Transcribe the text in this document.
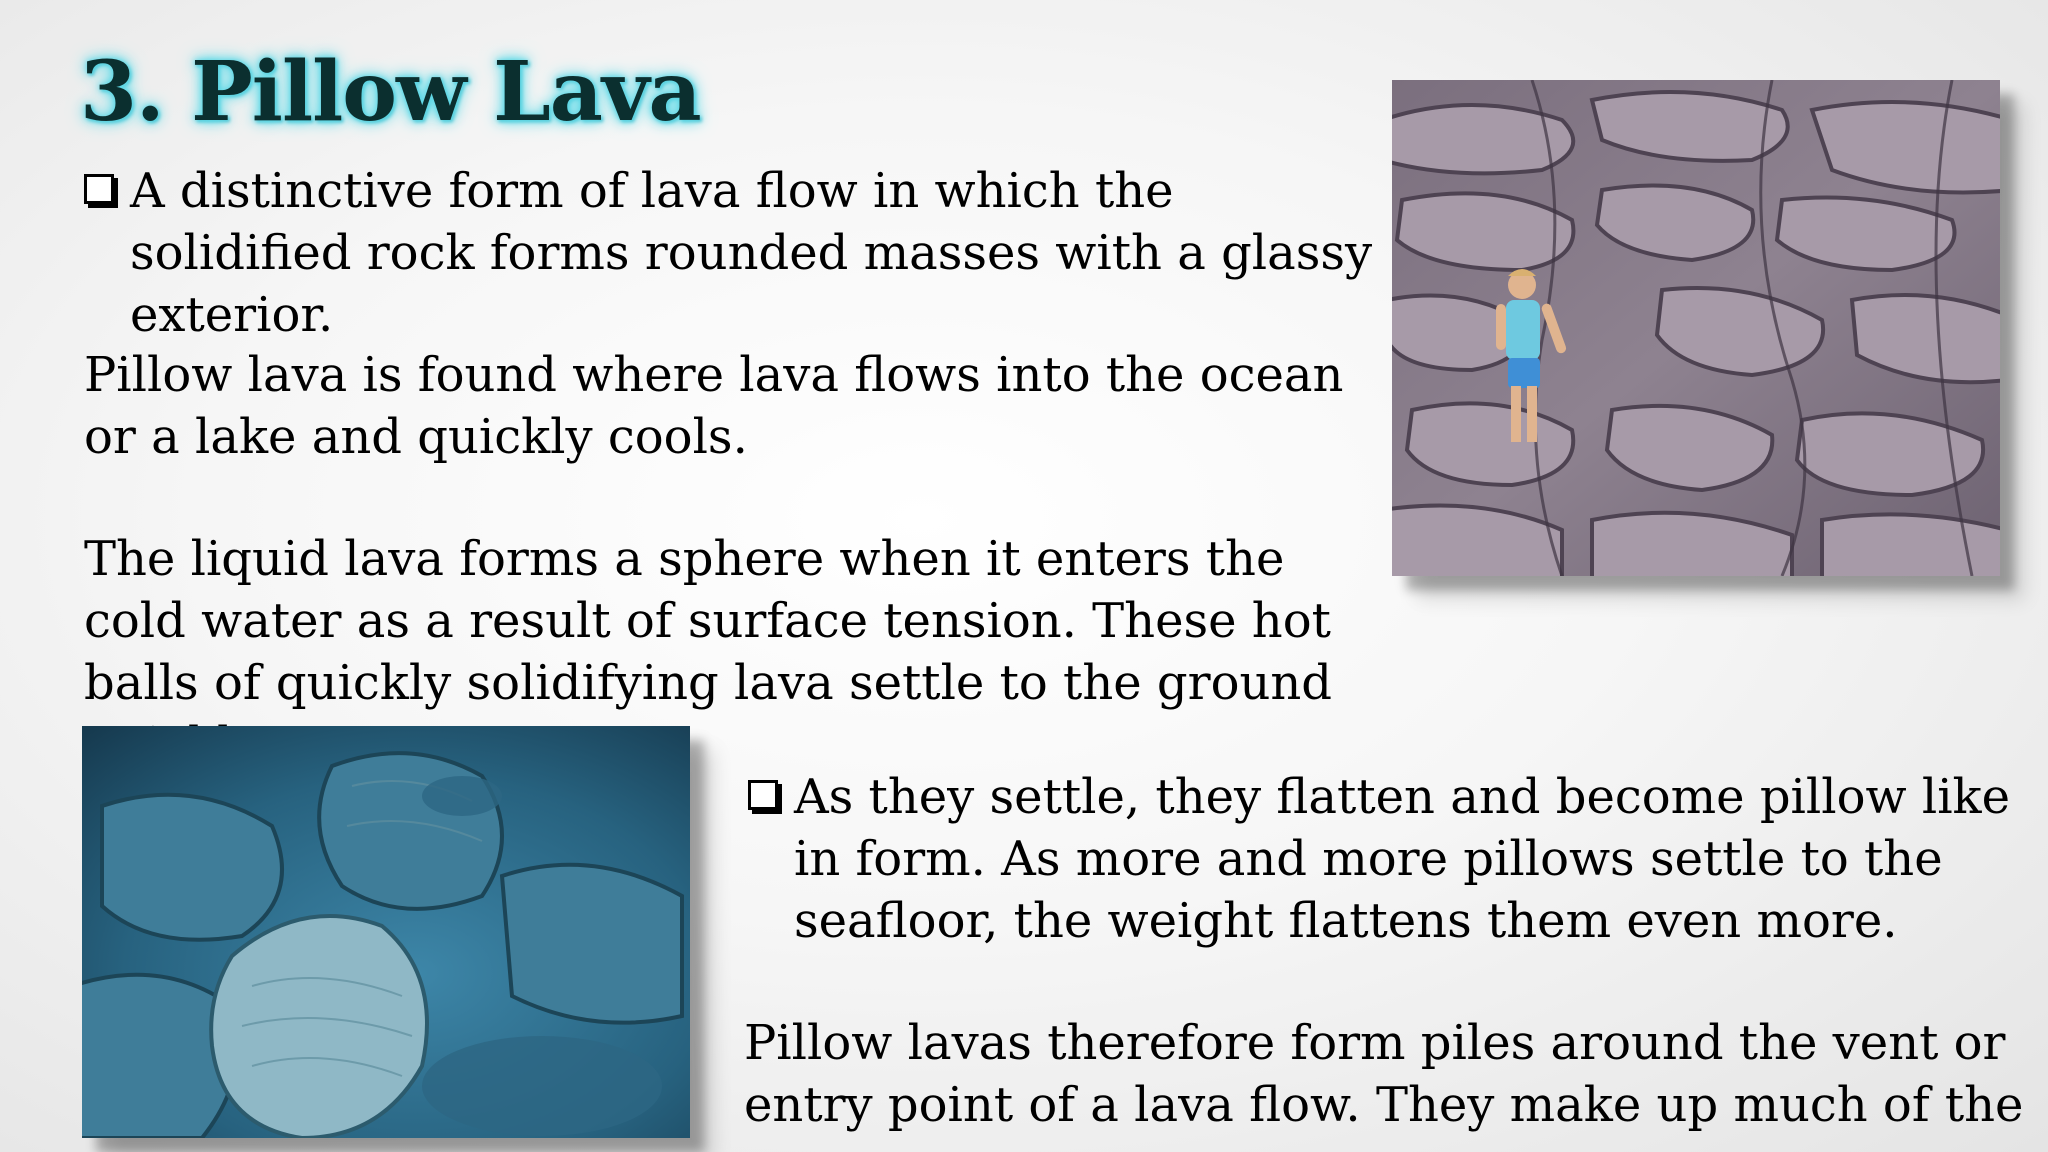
3. Pillow Lava
A distinctive form of lava flow in which the solidified rock forms rounded masses with a glassy exterior.

Pillow lava is found where lava flows into the ocean or a lake and quickly cools.

The liquid lava forms a sphere when it enters the cold water as a result of surface tension. These hot balls of quickly solidifying lava settle to the ground

As they settle, they flatten and become pillow like in form. As more and more pillows settle to the seafloor, the weight flattens them even more.

Pillow lavas therefore form piles around the vent or entry point of a lava flow. They make up much of the
